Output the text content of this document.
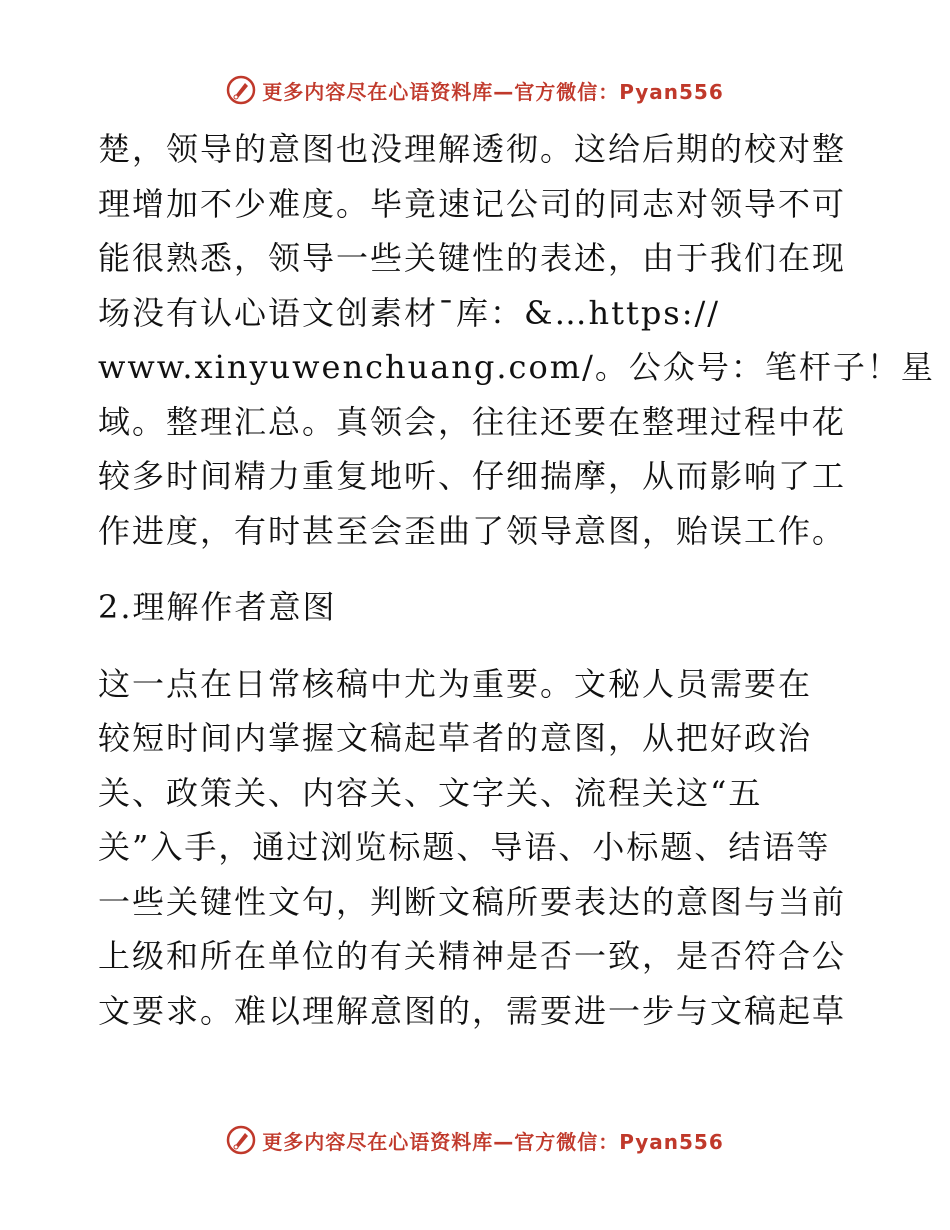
更多内容尽在心语资料库—官方微信：Pyan556
楚，领导的意图也没理解透彻。这给后期的校对整
理增加不少难度。毕竟速记公司的同志对领导不可
能很熟悉，领导一些关键性的表述，由于我们在现
场没有认心语文创素材¯库：&…https://
www.xinyuwenchuang.com/。公众号：笔杆子！星
域。整理汇总。真领会，往往还要在整理过程中花
较多时间精力重复地听、仔细揣摩，从而影响了工
作进度，有时甚至会歪曲了领导意图，贻误工作。
2.理解作者意图
这一点在日常核稿中尤为重要。文秘人员需要在
较短时间内掌握文稿起草者的意图，从把好政治
关、政策关、内容关、文字关、流程关这“五
关”入手，通过浏览标题、导语、小标题、结语等
一些关键性文句，判断文稿所要表达的意图与当前
上级和所在单位的有关精神是否一致，是否符合公
文要求。难以理解意图的，需要进一步与文稿起草
更多内容尽在心语资料库—官方微信：Pyan556
